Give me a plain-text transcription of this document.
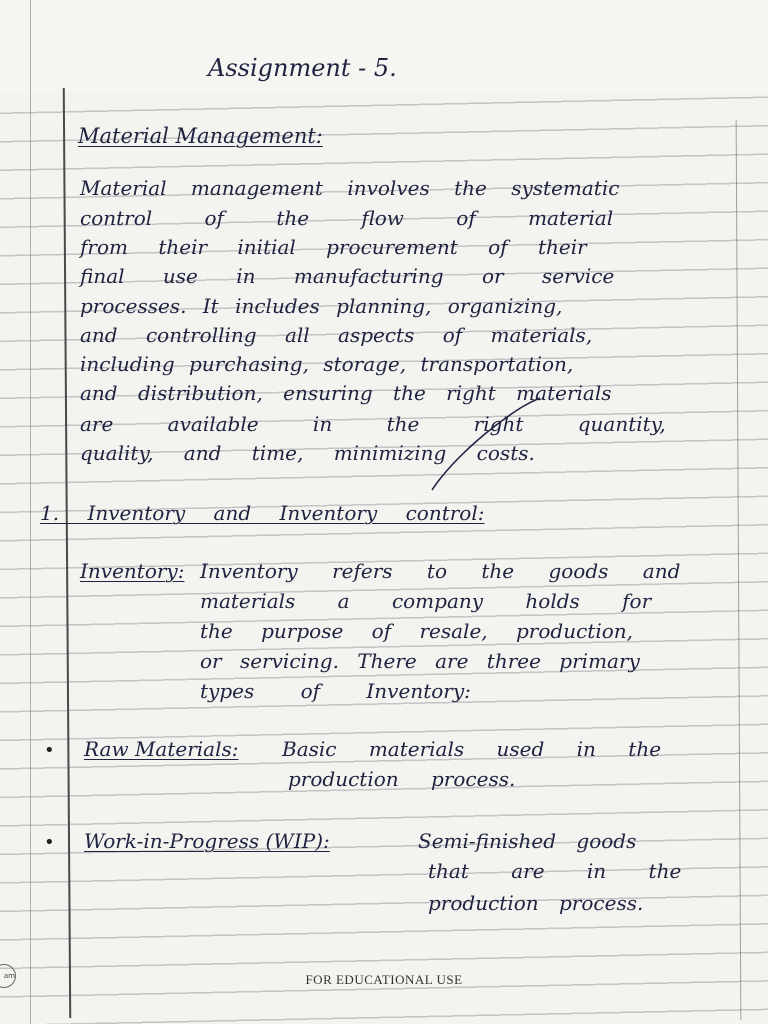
Assignment - 5.
Material Management:
Material management involves the systematic
control of the flow of material
from their initial procurement of their
final use in manufacturing or service
processes. It includes planning, organizing,
and controlling all aspects of materials,
including purchasing, storage, transportation,
and distribution, ensuring the right materials
are available in the right quantity,
quality, and time, minimizing costs.
1. Inventory and Inventory control:
Inventory: Inventory refers to the goods and
materials a company holds for
the purpose of resale, production,
or servicing. There are three primary
types of Inventory:
• Raw Materials: Basic materials used in the
production process.
• Work-in-Progress (WIP):	Semi-finished goods
that are in the
production process.
am	FOR EDUCATIONAL USE
